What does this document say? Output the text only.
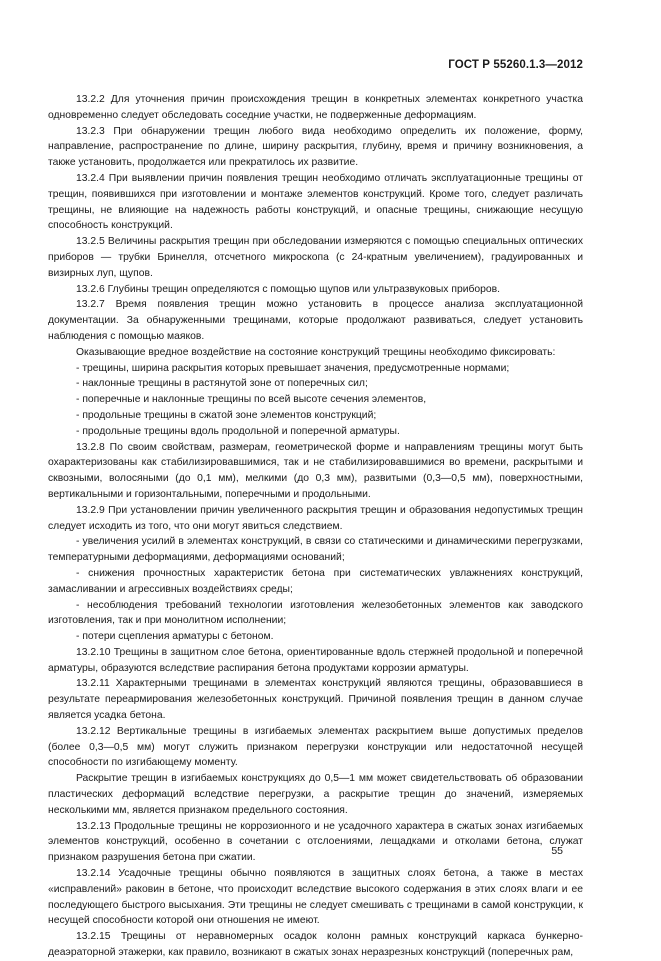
ГОСТ Р 55260.1.3—2012

13.2.2 Для уточнения причин происхождения трещин в конкретных элементах конкретного участка одновременно следует обследовать соседние участки, не подверженные деформациям.

13.2.3 При обнаружении трещин любого вида необходимо определить их положение, форму, направление, распространение по длине, ширину раскрытия, глубину, время и причину возникновения, а также установить, продолжается или прекратилось их развитие.

13.2.4 При выявлении причин появления трещин необходимо отличать эксплуатационные трещины от трещин, появившихся при изготовлении и монтаже элементов конструкций. Кроме того, следует различать трещины, не влияющие на надежность работы конструкций, и опасные трещины, снижающие несущую способность конструкций.

13.2.5 Величины раскрытия трещин при обследовании измеряются с помощью специальных оптических приборов — трубки Бринелля, отсчетного микроскопа (с 24-кратным увеличением), градуированных и визирных луп, щупов.

13.2.6 Глубины трещин определяются с помощью щупов или ультразвуковых приборов.

13.2.7 Время появления трещин можно установить в процессе анализа эксплуатационной документации. За обнаруженными трещинами, которые продолжают развиваться, следует установить наблюдения с помощью маяков.

Оказывающие вредное воздействие на состояние конструкций трещины необходимо фиксировать:

- трещины, ширина раскрытия которых превышает значения, предусмотренные нормами;

- наклонные трещины в растянутой зоне от поперечных сил;

- поперечные и наклонные трещины по всей высоте сечения элементов,

- продольные трещины в сжатой зоне элементов конструкций;

- продольные трещины вдоль продольной и поперечной арматуры.

13.2.8 По своим свойствам, размерам, геометрической форме и направлениям трещины могут быть охарактеризованы как стабилизировавшимися, так и не стабилизировавшимися во времени, раскрытыми и сквозными, волосяными (до 0,1 мм), мелкими (до 0,3 мм), развитыми (0,3—0,5 мм), поверхностными, вертикальными и горизонтальными, поперечными и продольными.

13.2.9 При установлении причин увеличенного раскрытия трещин и образования недопустимых трещин следует исходить из того, что они могут явиться следствием.

- увеличения усилий в элементах конструкций, в связи со статическими и динамическими перегрузками, температурными деформациями, деформациями оснований;

- снижения прочностных характеристик бетона при систематических увлажнениях конструкций, замасливании и агрессивных воздействиях среды;

- несоблюдения требований технологии изготовления железобетонных элементов как заводского изготовления, так и при монолитном исполнении;

- потери сцепления арматуры с бетоном.

13.2.10 Трещины в защитном слое бетона, ориентированные вдоль стержней продольной и поперечной арматуры, образуются вследствие распирания бетона продуктами коррозии арматуры.

13.2.11 Характерными трещинами в элементах конструкций являются трещины, образовавшиеся в результате переармирования железобетонных конструкций. Причиной появления трещин в данном случае является усадка бетона.

13.2.12 Вертикальные трещины в изгибаемых элементах раскрытием выше допустимых пределов (более 0,3—0,5 мм) могут служить признаком перегрузки конструкции или недостаточной несущей способности по изгибающему моменту.

Раскрытие трещин в изгибаемых конструкциях до 0,5—1 мм может свидетельствовать об образовании пластических деформаций вследствие перегрузки, а раскрытие трещин до значений, измеряемых несколькими мм, является признаком предельного состояния.

13.2.13 Продольные трещины не коррозионного и не усадочного характера в сжатых зонах изгибаемых элементов конструкций, особенно в сочетании с отслоениями, лещадками и отколами бетона, служат признаком разрушения бетона при сжатии.

13.2.14 Усадочные трещины обычно появляются в защитных слоях бетона, а также в местах «исправлений» раковин в бетоне, что происходит вследствие высокого содержания в этих слоях влаги и ее последующего быстрого высыхания. Эти трещины не следует смешивать с трещинами в самой конструкции, к несущей способности которой они отношения не имеют.

13.2.15 Трещины от неравномерных осадок колонн рамных конструкций каркаса бункерно-деаэраторной этажерки, как правило, возникают в сжатых зонах неразрезных конструкций (поперечных рам,

55
